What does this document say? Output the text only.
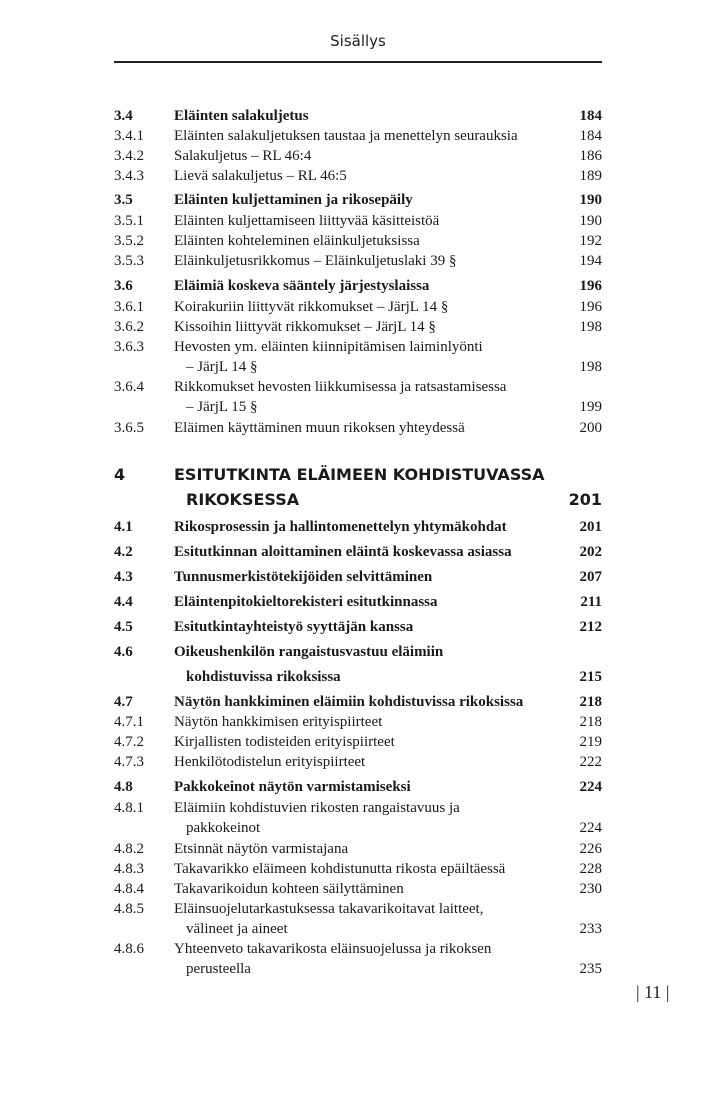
Sisällys
3.4	Eläinten salakuljetus	184
3.4.1 Eläinten salakuljetuksen taustaa ja menettelyn seurauksia	184
3.4.2 Salakuljetus – RL 46:4	186
3.4.3 Lievä salakuljetus – RL 46:5	189
3.5	Eläinten kuljettaminen ja rikosepäily	190
3.5.1 Eläinten kuljettamiseen liittyvää käsitteistöä	190
3.5.2 Eläinten kohteleminen eläinkuljetuksissa	192
3.5.3 Eläinkuljetusrikkomus – Eläinkuljetuslaki 39 §	194
3.6	Eläimiä koskeva sääntely järjestyslaissa	196
3.6.1 Koirakuriin liittyvät rikkomukset – JärjL 14 §	196
3.6.2 Kissoihin liittyvät rikkomukset – JärjL 14 §	198
3.6.3 Hevosten ym. eläinten kiinnipitämisen laiminlyönti
– JärjL 14 §	198
3.6.4 Rikkomukset hevosten liikkumisessa ja ratsastamisessa
– JärjL 15 §	199
3.6.5 Eläimen käyttäminen muun rikoksen yhteydessä	200
4	ESITUTKINTA ELÄIMEEN KOHDISTUVASSA
RIKOKSESSA	201
4.1	Rikosprosessin ja hallintomenettelyn yhtymäkohdat	201
4.2	Esitutkinnan aloittaminen eläintä koskevassa asiassa	202
4.3	Tunnusmerkistötekijöiden selvittäminen	207
4.4	Eläintenpitokieltorekisteri esitutkinnassa	211
4.5	Esitutkintayhteistyö syyttäjän kanssa	212
4.6	Oikeushenkilön rangaistusvastuu eläimiin
kohdistuvissa rikoksissa	215
4.7	Näytön hankkiminen eläimiin kohdistuvissa rikoksissa	218
4.7.1 Näytön hankkimisen erityispiirteet	218
4.7.2 Kirjallisten todisteiden erityispiirteet	219
4.7.3 Henkilötodistelun erityispiirteet	222
4.8	Pakkokeinot näytön varmistamiseksi	224
4.8.1 Eläimiin kohdistuvien rikosten rangaistavuus ja
pakkokeinot	224
4.8.2 Etsinnät näytön varmistajana	226
4.8.3 Takavarikko eläimeen kohdistunutta rikosta epäiltäessä	228
4.8.4 Takavarikoidun kohteen säilyttäminen	230
4.8.5 Eläinsuojelutarkastuksessa takavarikoitavat laitteet,
välineet ja aineet	233
4.8.6 Yhteenveto takavarikosta eläinsuojelussa ja rikoksen
perusteella	235
| 11 |
